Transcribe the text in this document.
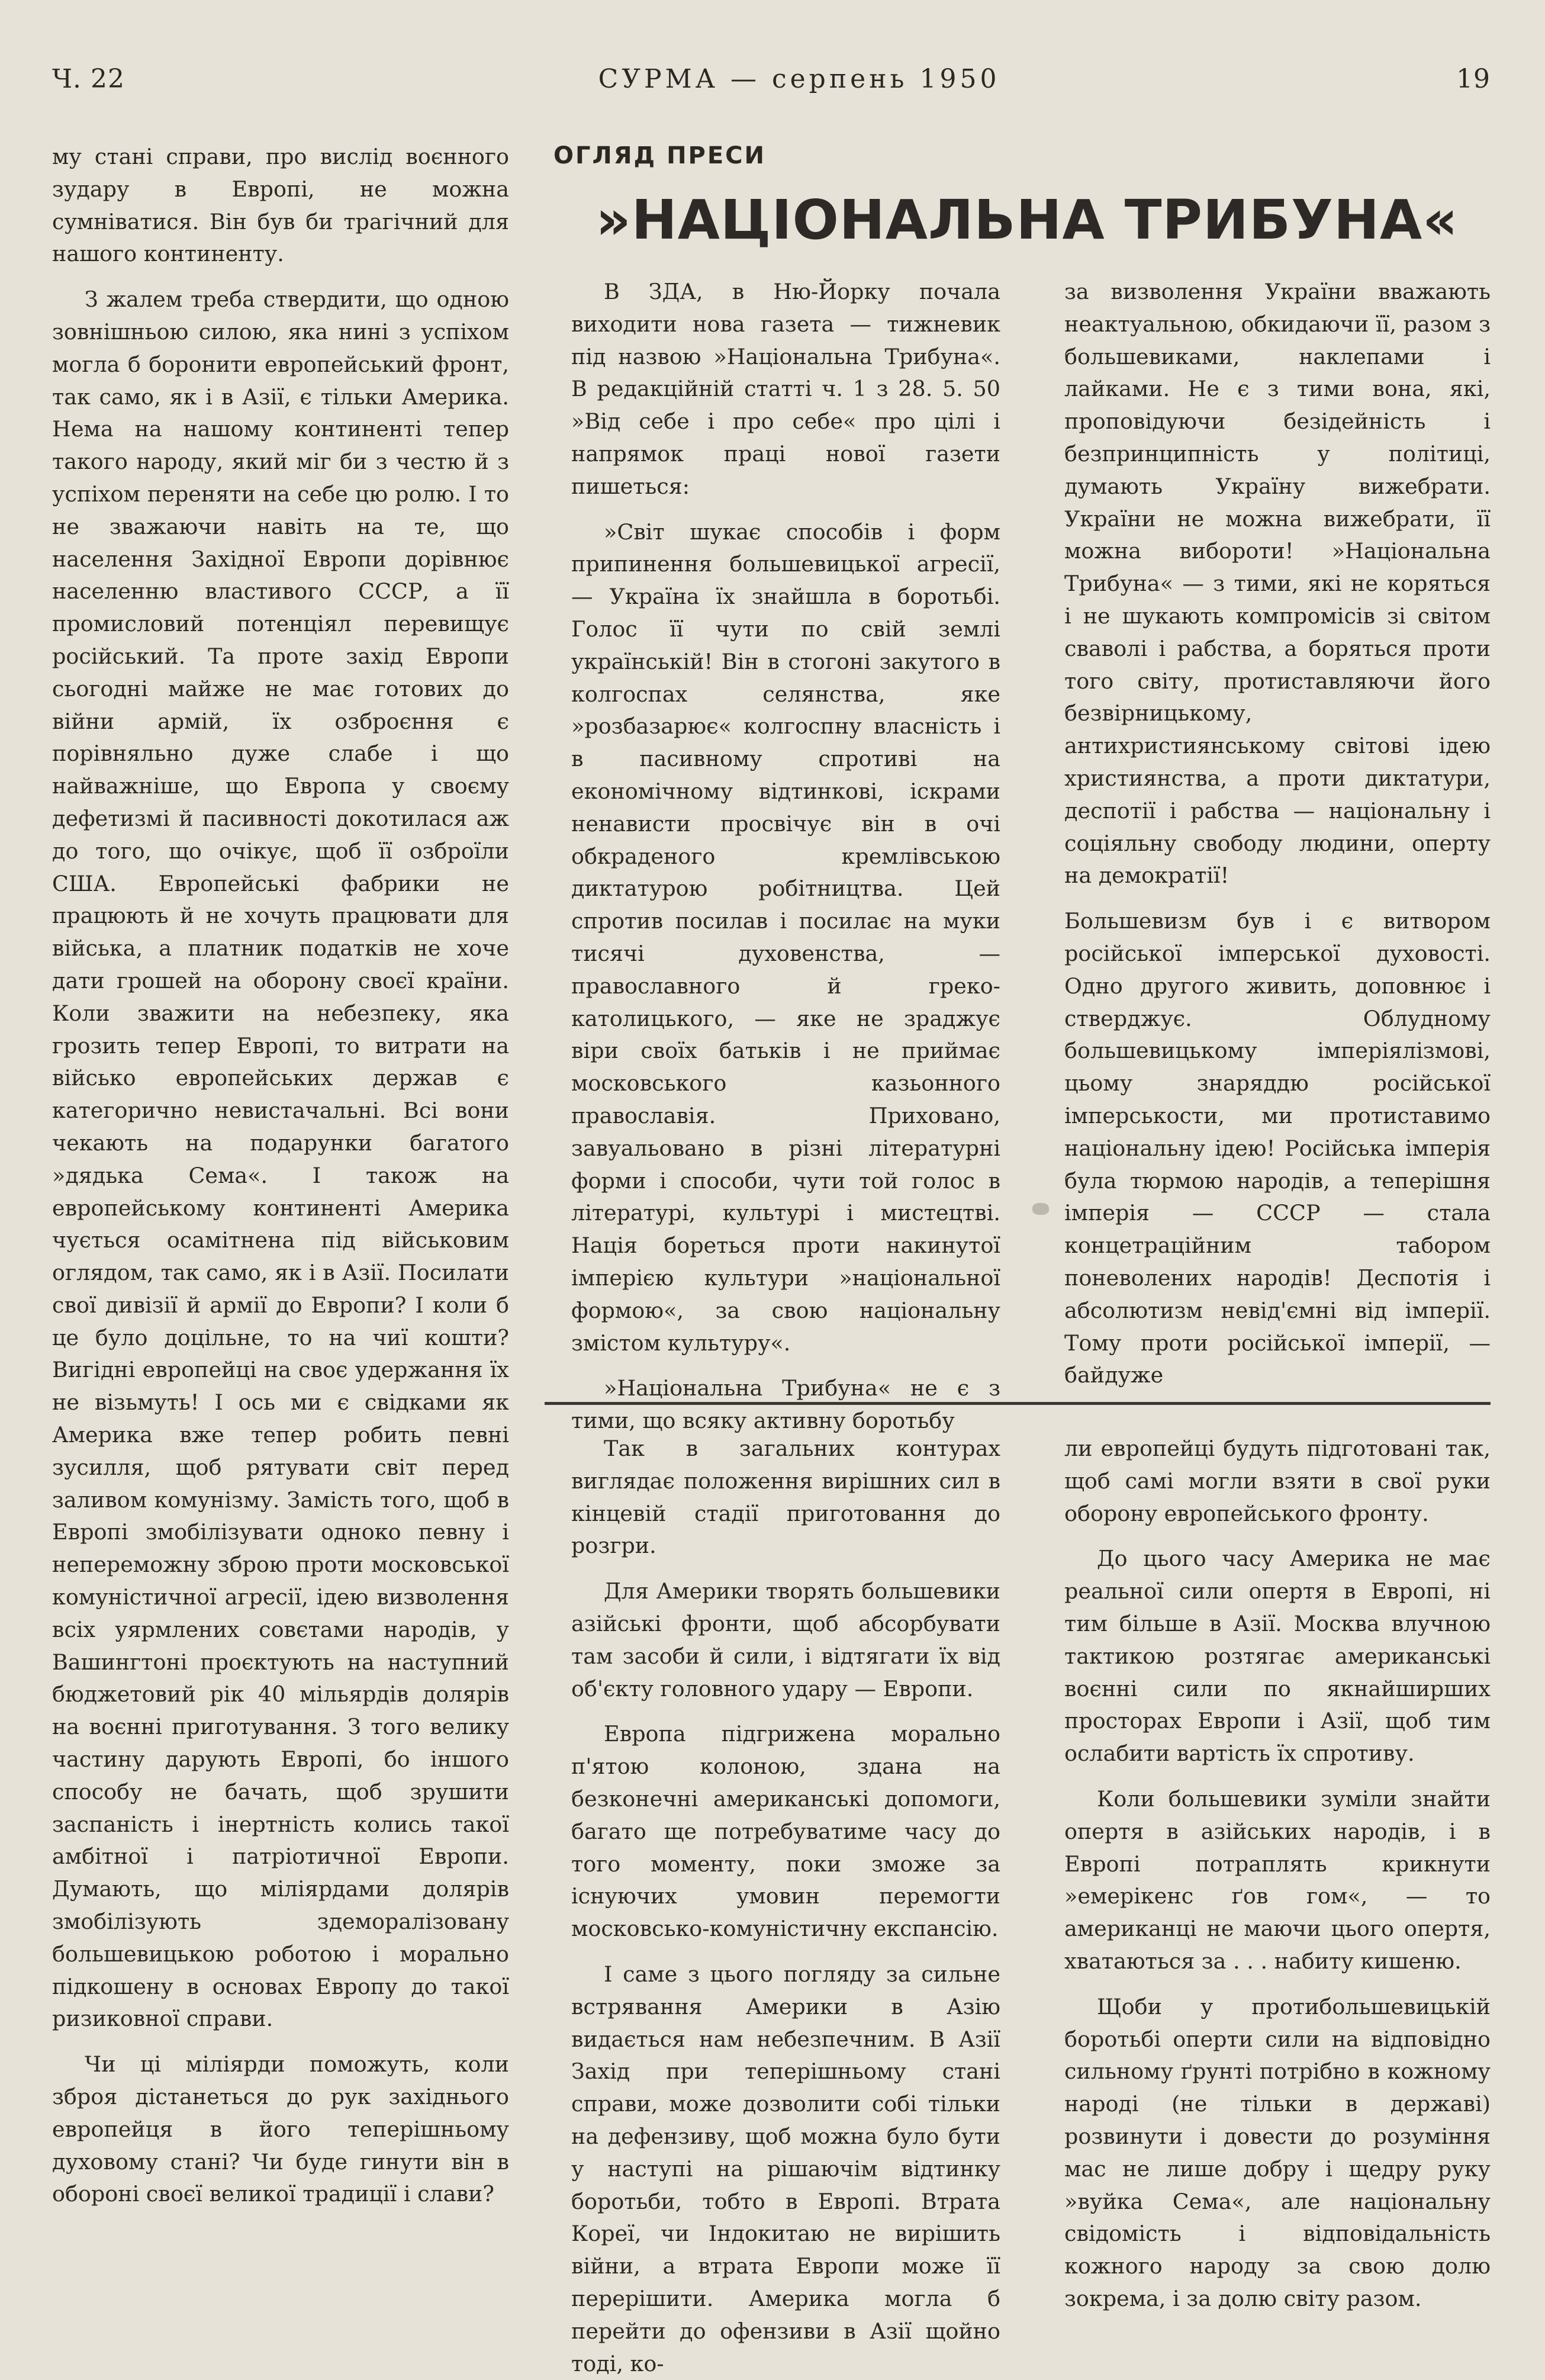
Ч. 22	СУРМА — серпень 1950	19
ОГЛЯД ПРЕСИ
»НАЦІОНАЛЬНА ТРИБУНА«

му стані справи, про вислід воєнного зудару в Европі, не можна сумніватися. Він був би трагічний для нашого континенту.

З жалем треба ствердити, що одною зовнішньою силою, яка нині з успіхом могла б боронити европейський фронт, так само, як і в Азії, є тільки Америка. Нема на нашому континенті тепер такого народу, який міг би з честю й з успіхом переняти на себе цю ролю. І то не зважаючи навіть на те, що населення Західної Европи дорівнює населенню властивого СССР, а її промисловий потенціял перевищує російський. Та проте захід Европи сьогодні майже не має готових до війни армій, їх озброєння є порівняльно дуже слабе і що найважніше, що Европа у своєму дефетизмі й пасивності докотилася аж до того, що очікує, щоб її озброїли США. Европейські фабрики не працюють й не хочуть працювати для війська, а платник податків не хоче дати грошей на оборону своєї країни. Коли зважити на небезпеку, яка грозить тепер Европі, то витрати на військо европейських держав є категорично невистачальні. Всі вони чекають на подарунки багатого »дядька Сема«. І також на европейському континенті Америка чується осамітнена під військовим оглядом, так само, як і в Азії. Посилати свої дивізії й армії до Европи? І коли б це було доцільне, то на чиї кошти? Вигідні европейці на своє удержання їх не візьмуть! І ось ми є свідками як Америка вже тепер робить певні зусилля, щоб рятувати світ перед заливом комунізму. Замість того, щоб в Европі змобілізувати одноко певну і непереможну зброю проти московської комуністичної агресії, ідею визволення всіх уярмлених совєтами народів, у Вашингтоні проєктують на наступний бюджетовий рік 40 мільярдів долярів на воєнні приготування. З того велику частину дарують Европі, бо іншого способу не бачать, щоб зрушити заспаність і інертність колись такої амбітної і патріотичної Европи. Думають, що міліярдами долярів змобілізують здеморалізовану большевицькою роботою і морально підкошену в основах Европу до такої ризиковної справи.

Чи ці міліярди поможуть, коли зброя дістанеться до рук західнього европейця в його теперішньому духовому стані? Чи буде гинути він в обороні своєї великої традиції і слави?

В ЗДА, в Ню-Йорку почала виходити нова газета — тижневик під назвою »Національна Трибуна«. В редакційній статті ч. 1 з 28. 5. 50 »Від себе і про себе« про цілі і напрямок праці нової газети пишеться:

»Світ шукає способів і форм припинення большевицької агресії, — Україна їх знайшла в боротьбі. Голос її чути по свій землі українській! Він в стогоні закутого в колгоспах селянства, яке »розбазарює« колгоспну власність і в пасивному спротиві на економічному відтинкові, іскрами ненависти просвічує він в очі обкраденого кремлівською диктатурою робітництва. Цей спротив посилав і посилає на муки тисячі духовенства, — православного й греко-католицького, — яке не зраджує віри своїх батьків і не приймає московського казьонного православія. Приховано, завуальовано в різні літературні форми і способи, чути той голос в літературі, культурі і мистецтві. Нація бореться проти накинутої імперією культури »національної формою«, за свою національну змістом культуру«.

»Національна Трибуна« не є з тими, що всяку активну боротьбу

за визволення України вважають неактуальною, обкидаючи її, разом з большевиками, наклепами і лайками. Не є з тими вона, які, проповідуючи безідейність і безпринципність у політиці, думають Україну вижебрати. України не можна вижебрати, її можна вибороти! »Національна Трибуна« — з тими, які не коряться і не шукають компромісів зі світом сваволі і рабства, а боряться проти того світу, протиставляючи його безвірницькому, антихристиянському світові ідею християнства, а проти диктатури, деспотії і рабства — національну і соціяльну свободу людини, оперту на демократії!

Большевизм був і є витвором російської імперської духовості. Одно другого живить, доповнює і стверджує. Облудному большевицькому імперіялізмові, цьому знаряддю російської імперськости, ми протиставимо національну ідею! Російська імперія була тюрмою народів, а теперішня імперія — СССР — стала концетраційним табором поневолених народів! Деспотія і абсолютизм невід'ємні від імперії. Тому проти російської імперії, — байдуже

Так в загальних контурах виглядає положення вирішних сил в кінцевій стадії приготовання до розгри.

Для Америки творять большевики азійські фронти, щоб абсорбувати там засоби й сили, і відтягати їх від об'єкту головного удару — Европи.

Европа підгрижена морально п'ятою колоною, здана на безконечні американські допомоги, багато ще потребуватиме часу до того моменту, поки зможе за існуючих умовин перемогти московсько-комуністичну експансію.

І саме з цього погляду за сильне встрявання Америки в Азію видається нам небезпечним. В Азії Захід при теперішньому стані справи, може дозволити собі тільки на дефензиву, щоб можна було бути у наступі на рішаючім відтинку боротьби, тобто в Европі. Втрата Кореї, чи Індокитаю не вирішить війни, а втрата Европи може її перерішити. Америка могла б перейти до офензиви в Азії щойно тоді, ко-

ли европейці будуть підготовані так, щоб самі могли взяти в свої руки оборону европейського фронту.

До цього часу Америка не має реальної сили опертя в Европі, ні тим більше в Азії. Москва влучною тактикою розтягає американські воєнні сили по якнайширших просторах Европи і Азії, щоб тим ослабити вартість їх спротиву.

Коли большевики зуміли знайти опертя в азійських народів, і в Европі потраплять крикнути »емерікенс ґов гом«, — то американці не маючи цього опертя, хватаються за . . . набиту кишеню.

Щоби у протибольшевицькій боротьбі оперти сили на відповідно сильному ґрунті потрібно в кожному народі (не тільки в державі) розвинути і довести до розуміння мас не лише добру і щедру руку »вуйка Сема«, але національну свідомість і відповідальність кожного народу за свою долю зокрема, і за долю світу разом.
